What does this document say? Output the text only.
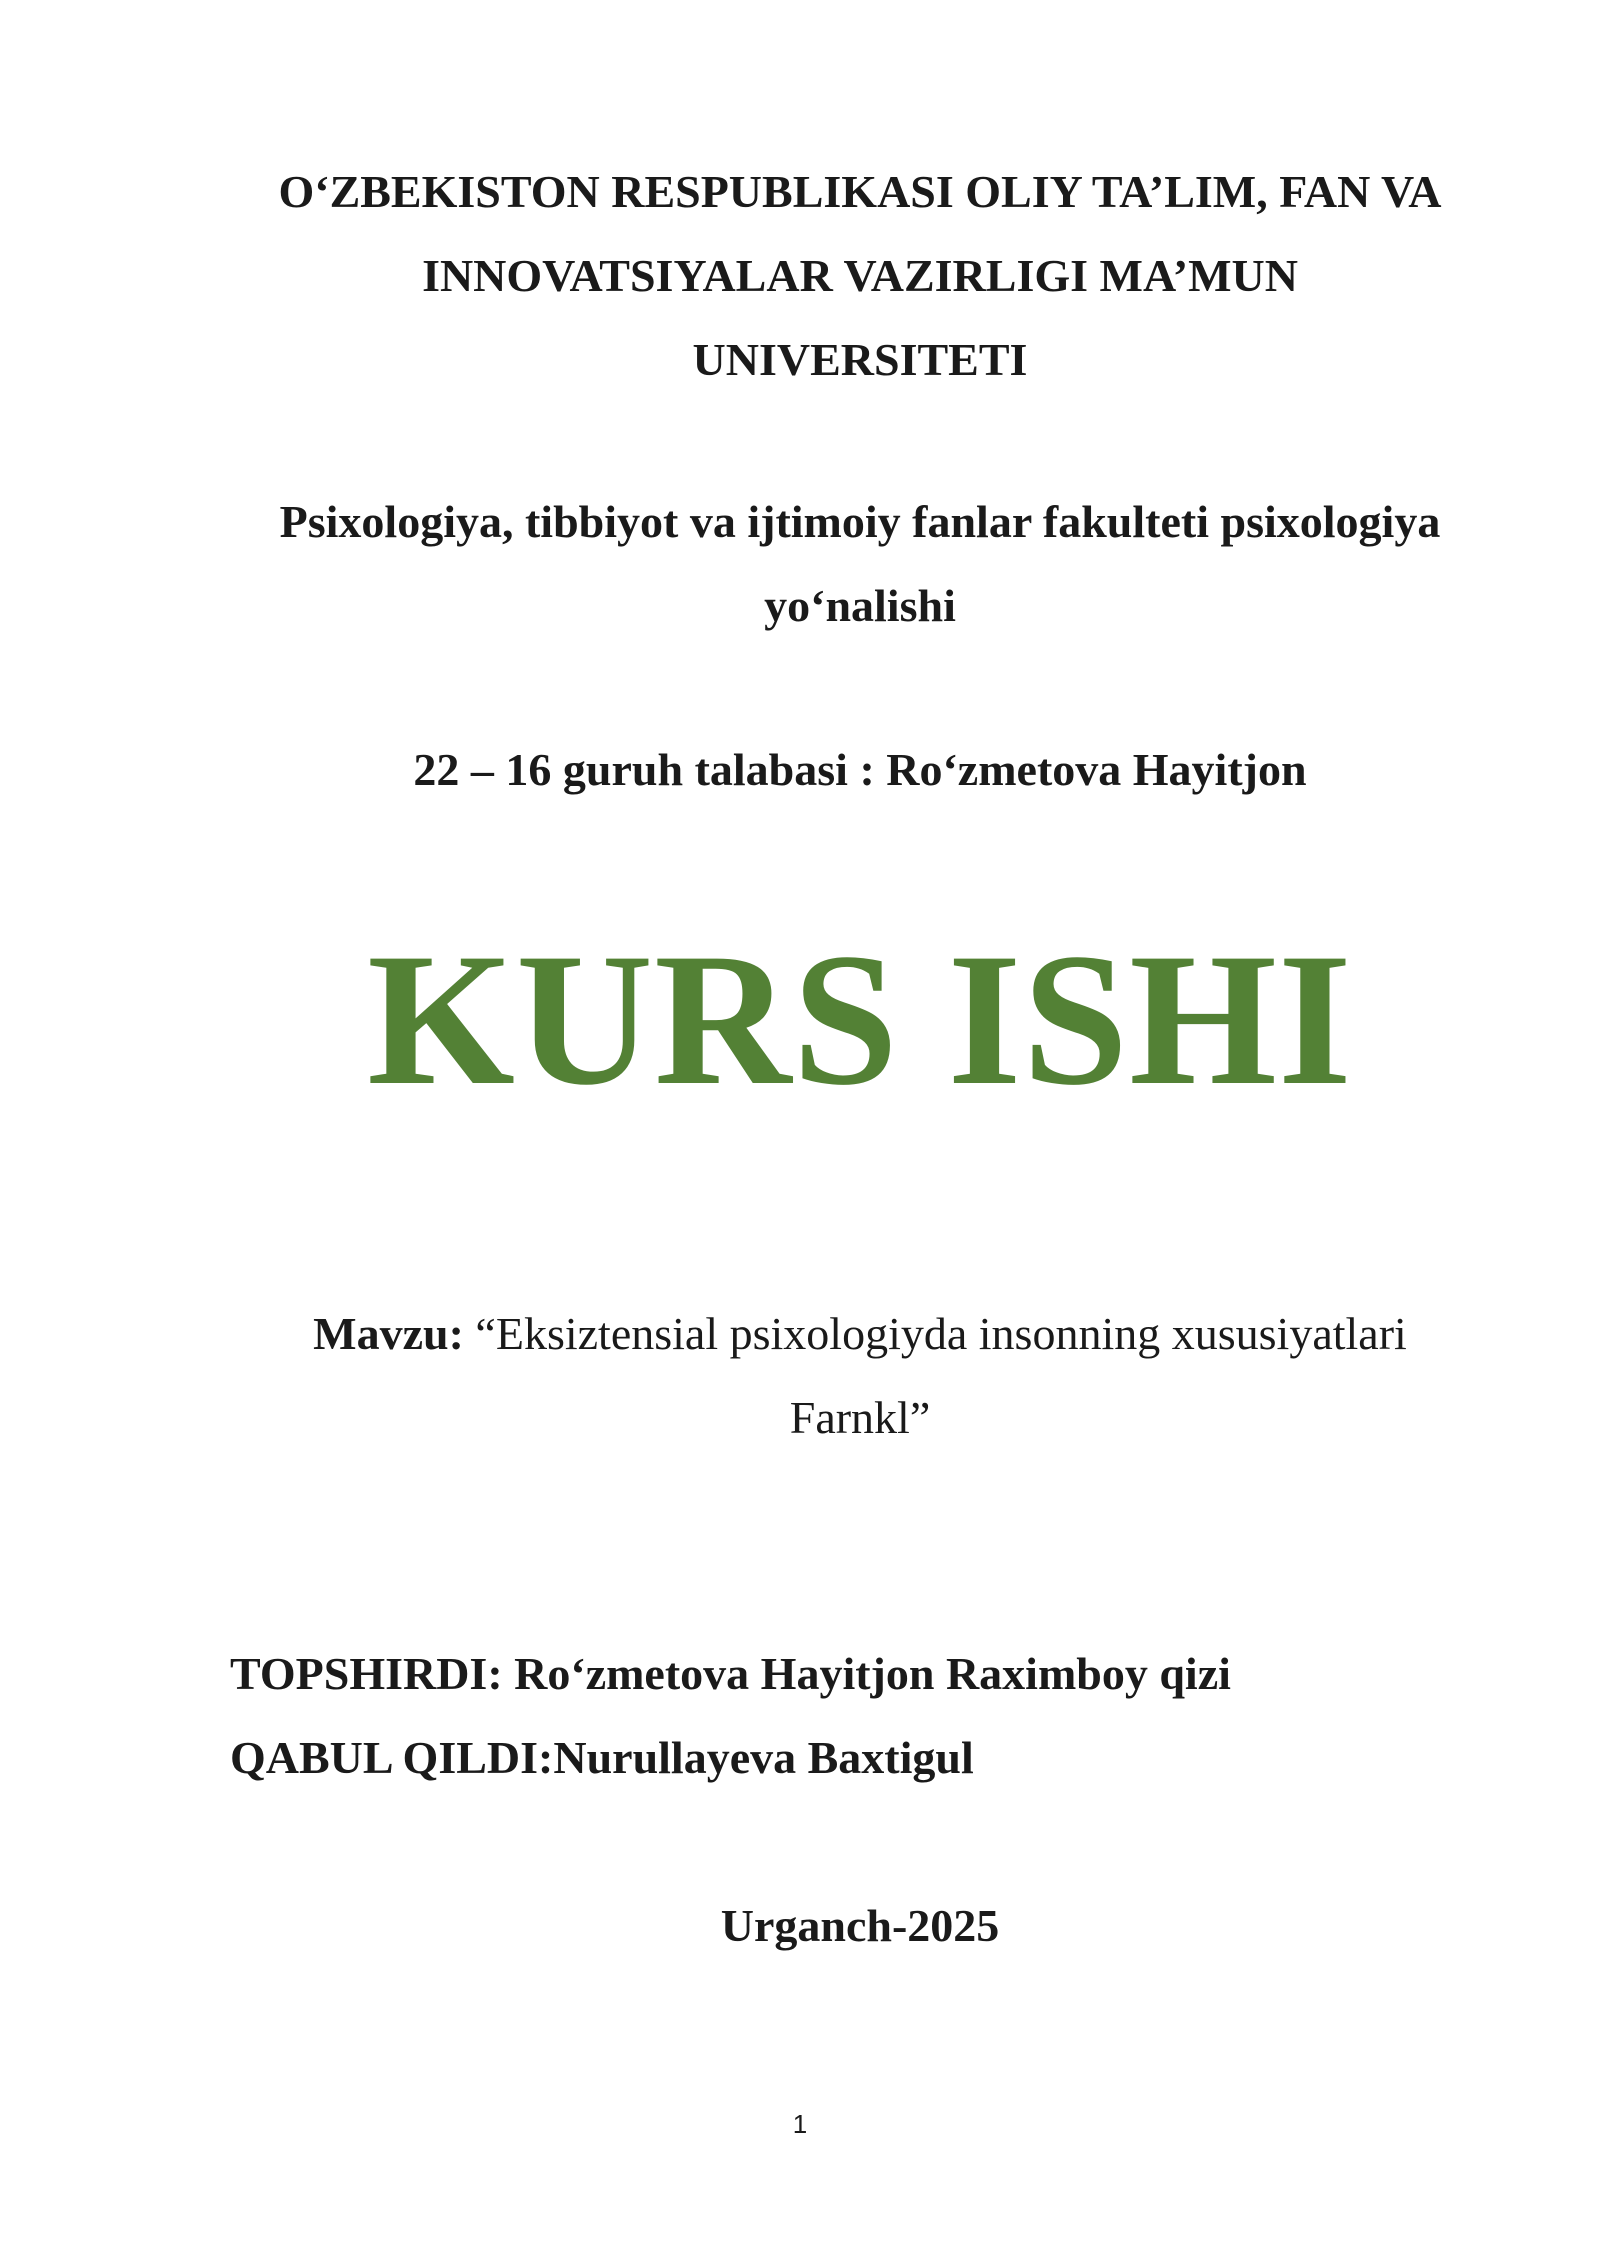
O‘ZBEKISTON RESPUBLIKASI OLIY TA’LIM, FAN VA
INNOVATSIYALAR VAZIRLIGI MA’MUN
UNIVERSITETI
Psixologiya, tibbiyot va ijtimoiy fanlar fakulteti psixologiya
yo‘nalishi
22 – 16 guruh talabasi : Ro‘zmetova Hayitjon
KURS ISHI
Mavzu: “Eksiztensial psixologiyda insonning xususiyatlari
Farnkl”
TOPSHIRDI: Ro‘zmetova Hayitjon Raximboy qizi
QABUL QILDI:Nurullayeva Baxtigul
Urganch-2025
1
